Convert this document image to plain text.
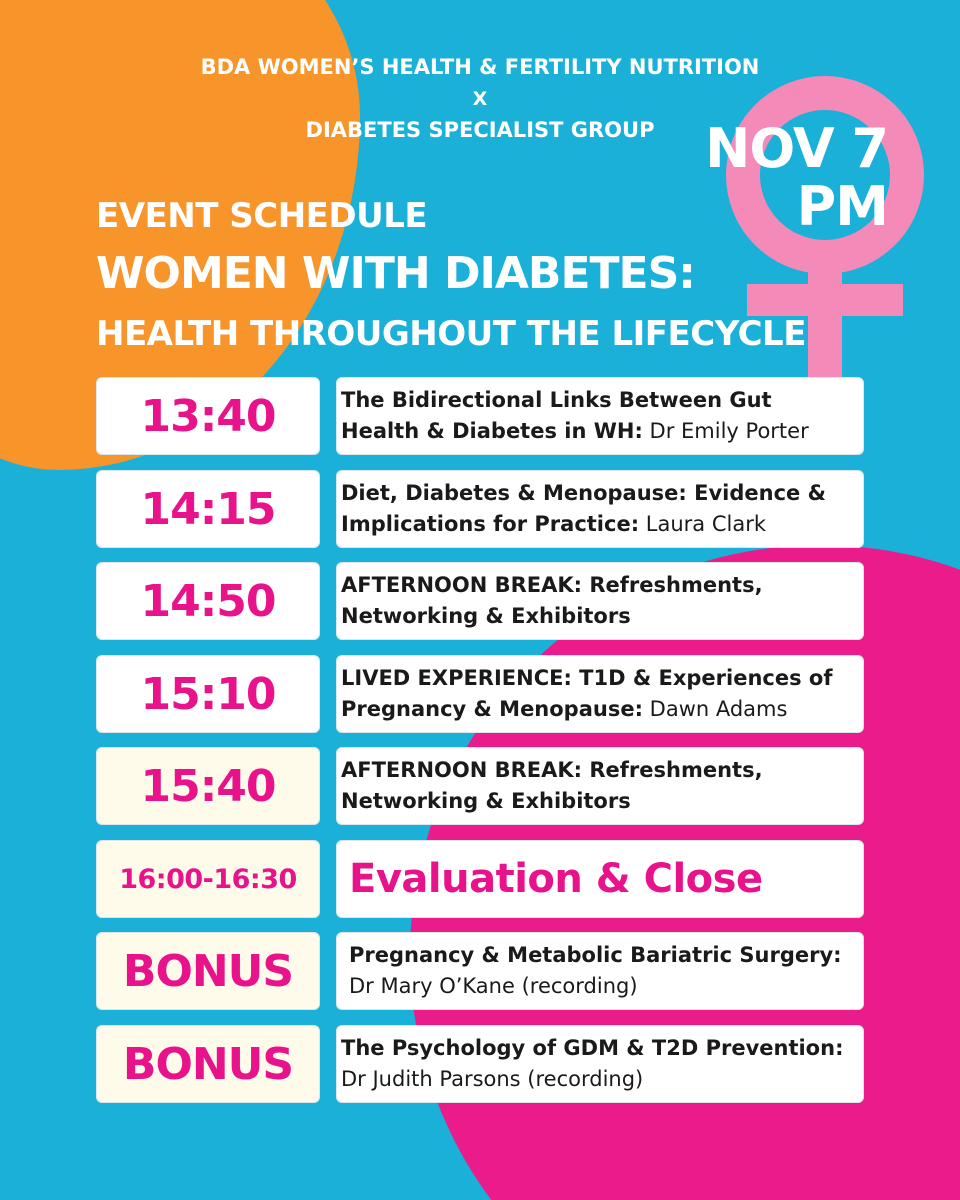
BDA WOMEN’S HEALTH & FERTILITY NUTRITION
X
DIABETES SPECIALIST GROUP NOV 7
PM
EVENT SCHEDULE
WOMEN WITH DIABETES:
HEALTH THROUGHOUT THE LIFECYCLE
13:40	The Bidirectional Links Between Gut Health & Diabetes in WH: Dr Emily Porter
14:15	Diet, Diabetes & Menopause: Evidence & Implications for Practice: Laura Clark
14:50	AFTERNOON BREAK: Refreshments, Networking & Exhibitors
15:10	LIVED EXPERIENCE: T1D & Experiences of Pregnancy & Menopause: Dawn Adams
15:40	AFTERNOON BREAK: Refreshments, Networking & Exhibitors
16:00-16:30	Evaluation & Close
BONUS	Pregnancy & Metabolic Bariatric Surgery: Dr Mary O’Kane (recording)
BONUS	The Psychology of GDM & T2D Prevention: Dr Judith Parsons (recording)
